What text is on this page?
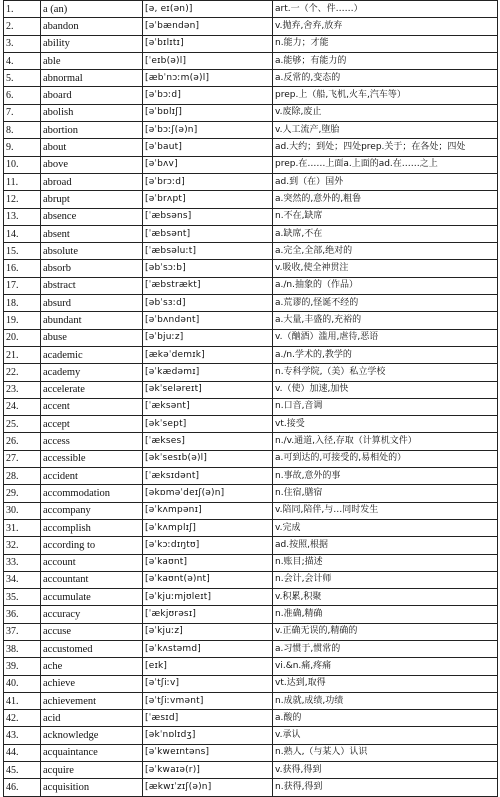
1.	a (an)	[ə, eɪ(ən)]	art.一（个、件……）
2.	abandon	[əˈbændən]	v.抛弃,舍弃,放弃
3.	ability	[əˈbɪlɪtɪ]	n.能力；才能
4.	able	[ˈeɪb(ə)l]	a.能够；有能力的
5.	abnormal	[æbˈnɔːm(ə)l]	a.反常的,变态的
6.	aboard	[əˈbɔːd]	prep.上（船,飞机,火车,汽车等）
7.	abolish	[əˈbɒlɪʃ]	v.废除,废止
8.	abortion	[əˈbɔːʃ(ə)n]	v.人工流产,堕胎
9.	about	[əˈbaut]	ad.大约；到处；四处prep.关于；在各处；四处
10.	above	[əˈbʌv]	prep.在……上面a.上面的ad.在……之上
11.	abroad	[əˈbrɔːd]	ad.到（在）国外
12.	abrupt	[əˈbrʌpt]	a.突然的,意外的,粗鲁
13.	absence	[ˈæbsəns]	n.不在,缺席
14.	absent	[ˈæbsənt]	a.缺席,不在
15.	absolute	[ˈæbsəluːt]	a.完全,全部,绝对的
16.	absorb	[əbˈsɔːb]	v.吸收,使全神贯注
17.	abstract	[ˈæbstrækt]	a./n.抽象的（作品）
18.	absurd	[əbˈsɜːd]	a.荒谬的,怪诞不经的
19.	abundant	[əˈbʌndənt]	a.大量,丰盛的,充裕的
20.	abuse	[əˈbjuːz]	v.（酗酒）滥用,虐待,恶语
21.	academic	[ækəˈdemɪk]	a./n.学术的,教学的
22.	academy	[əˈkædəmɪ]	n.专科学院,（美）私立学校
23.	accelerate	[əkˈseləreɪt]	v.（使）加速,加快
24.	accent	[ˈæksənt]	n.口音,音调
25.	accept	[əkˈsept]	vt.接受
26.	access	[ˈækses]	n./v.通道,入径,存取（计算机文件）
27.	accessible	[əkˈsesɪb(ə)l]	a.可到达的,可接受的,易相处的）
28.	accident	[ˈæksɪdənt]	n.事故,意外的事
29.	accommodation	[əkɒməˈdeɪʃ(ə)n]	n.住宿,膳宿
30.	accompany	[əˈkʌmpənɪ]	v.陪同,陪伴,与…同时发生
31.	accomplish	[əˈkʌmplɪʃ]	v.完成
32.	according to	[əˈkɔːdɪŋtʊ]	ad.按照,根据
33.	account	[əˈkaʊnt]	n.账目;描述
34.	accountant	[əˈkaʊnt(ə)nt]	n.会计,会计师
35.	accumulate	[əˈkjuːmjʊleɪt]	v.积累,积聚
36.	accuracy	[ˈækjʊrəsɪ]	n.准确,精确
37.	accuse	[əˈkjuːz]	v.正确无误的,精确的
38.	accustomed	[əˈkʌstəmd]	a.习惯于,惯常的
39.	ache	[eɪk]	vi.&n.痛,疼痛
40.	achieve	[əˈtʃiːv]	vt.达到,取得
41.	achievement	[əˈtʃiːvmənt]	n.成就,成绩,功绩
42.	acid	[ˈæsɪd]	a.酸的
43.	acknowledge	[əkˈnɒlɪdʒ]	v.承认
44.	acquaintance	[əˈkweɪntəns]	n.熟人,（与某人）认识
45.	acquire	[əˈkwaɪə(r)]	v.获得,得到
46.	acquisition	[ækwɪˈzɪʃ(ə)n]	n.获得,得到
